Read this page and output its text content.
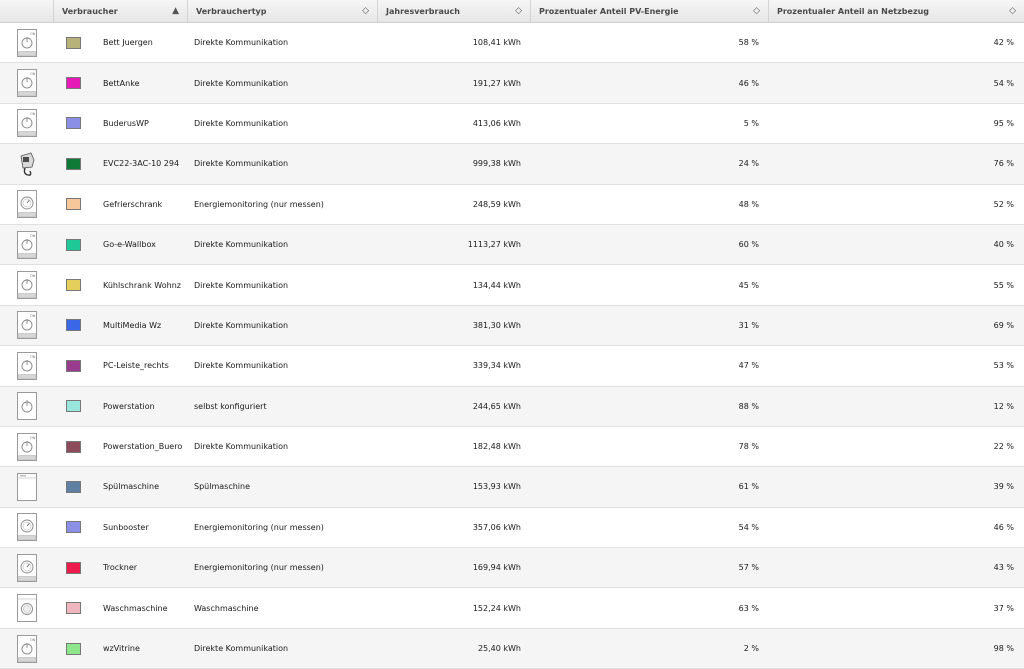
Verbraucher	▲ Verbrauchertyp	◇ Jahresverbrauch	◇ Prozentualer Anteil PV-Energie	◇ Prozentualer Anteil an Netzbezug	◇
ON
Bett Juergen	Direkte Kommunikation	108,41 kWh	58 %	42 %
ON
BettAnke	Direkte Kommunikation	191,27 kWh	46 %	54 %
ON
BuderusWP	Direkte Kommunikation	413,06 kWh	5 %	95 %
EVC22-3AC-10 294	Direkte Kommunikation	999,38 kWh	24 %	76 %
Gefrierschrank	Energiemonitoring (nur messen)	248,59 kWh	48 %	52 %
ON
Go-e-Wallbox	Direkte Kommunikation	1113,27 kWh	60 %	40 %
ON
Kühlschrank Wohnz	Direkte Kommunikation	134,44 kWh	45 %	55 %
ON
MultiMedia Wz	Direkte Kommunikation	381,30 kWh	31 %	69 %
ON
PC-Leiste_rechts	Direkte Kommunikation	339,34 kWh	47 %	53 %
Powerstation	selbst konfiguriert	244,65 kWh	88 %	12 %
ON
Powerstation_Buero	Direkte Kommunikation	182,48 kWh	78 %	22 %
Spülmaschine	Spülmaschine	153,93 kWh	61 %	39 %
Sunbooster	Energiemonitoring (nur messen)	357,06 kWh	54 %	46 %
Trockner	Energiemonitoring (nur messen)	169,94 kWh	57 %	43 %
Waschmaschine	Waschmaschine	152,24 kWh	63 %	37 %
ON
wzVitrine	Direkte Kommunikation	25,40 kWh	2 %	98 %
